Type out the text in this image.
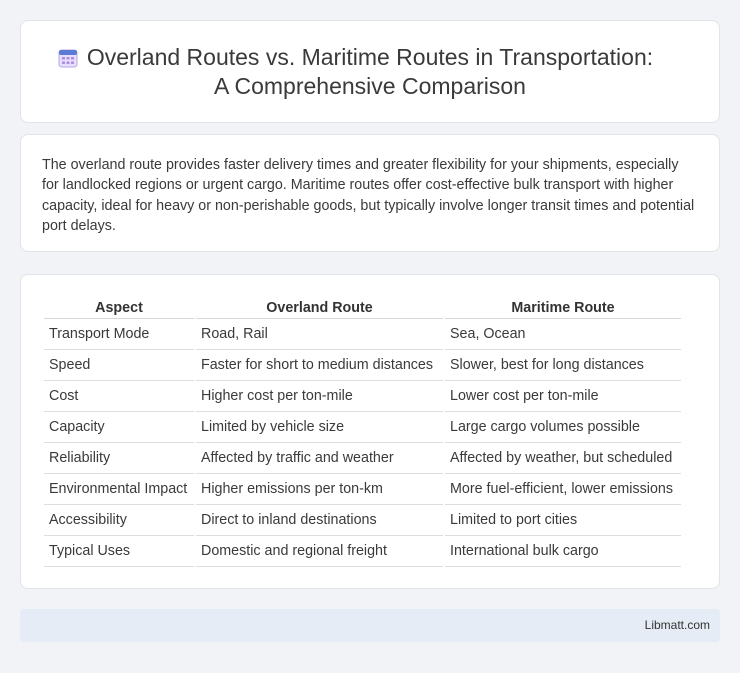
Overland Routes vs. Maritime Routes in Transportation:
A Comprehensive Comparison

The overland route provides faster delivery times and greater flexibility for your shipments, especially for landlocked regions or urgent cargo. Maritime routes offer cost-effective bulk transport with higher capacity, ideal for heavy or non-perishable goods, but typically involve longer transit times and potential port delays.

Aspect	Overland Route	Maritime Route
Transport Mode	Road, Rail	Sea, Ocean
Speed	Faster for short to medium distances	Slower, best for long distances
Cost	Higher cost per ton-mile	Lower cost per ton-mile
Capacity	Limited by vehicle size	Large cargo volumes possible
Reliability	Affected by traffic and weather	Affected by weather, but scheduled
Environmental Impact	Higher emissions per ton-km	More fuel-efficient, lower emissions
Accessibility	Direct to inland destinations	Limited to port cities
Typical Uses	Domestic and regional freight	International bulk cargo
Libmatt.com
